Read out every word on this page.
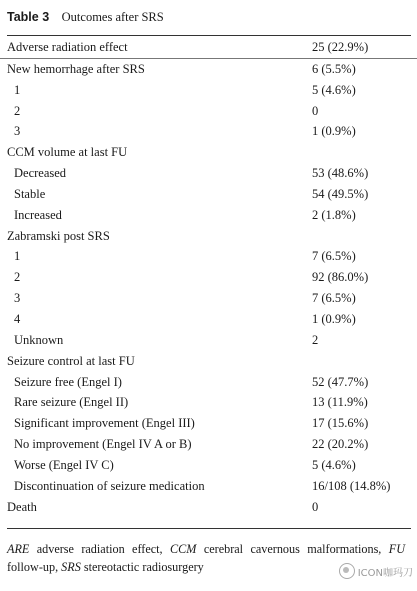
Table 3 Outcomes after SRS
Adverse radiation effect	25 (22.9%)
New hemorrhage after SRS	6 (5.5%)
1	5 (4.6%)
2	0
3	1 (0.9%)
CCM volume at last FU
Decreased	53 (48.6%)
Stable	54 (49.5%)
Increased	2 (1.8%)
Zabramski post SRS
1	7 (6.5%)
2	92 (86.0%)
3	7 (6.5%)
4	1 (0.9%)
Unknown	2
Seizure control at last FU
Seizure free (Engel I)	52 (47.7%)
Rare seizure (Engel II)	13 (11.9%)
Significant improvement (Engel III)	17 (15.6%)
No improvement (Engel IV A or B)	22 (20.2%)
Worse (Engel IV C)	5 (4.6%)
Discontinuation of seizure medication	16/108 (14.8%)
Death	0
ARE adverse radiation effect, CCM cerebral cavernous malformations, FU follow-up, SRS stereotactic radiosurgery	ICON咖玛刀
